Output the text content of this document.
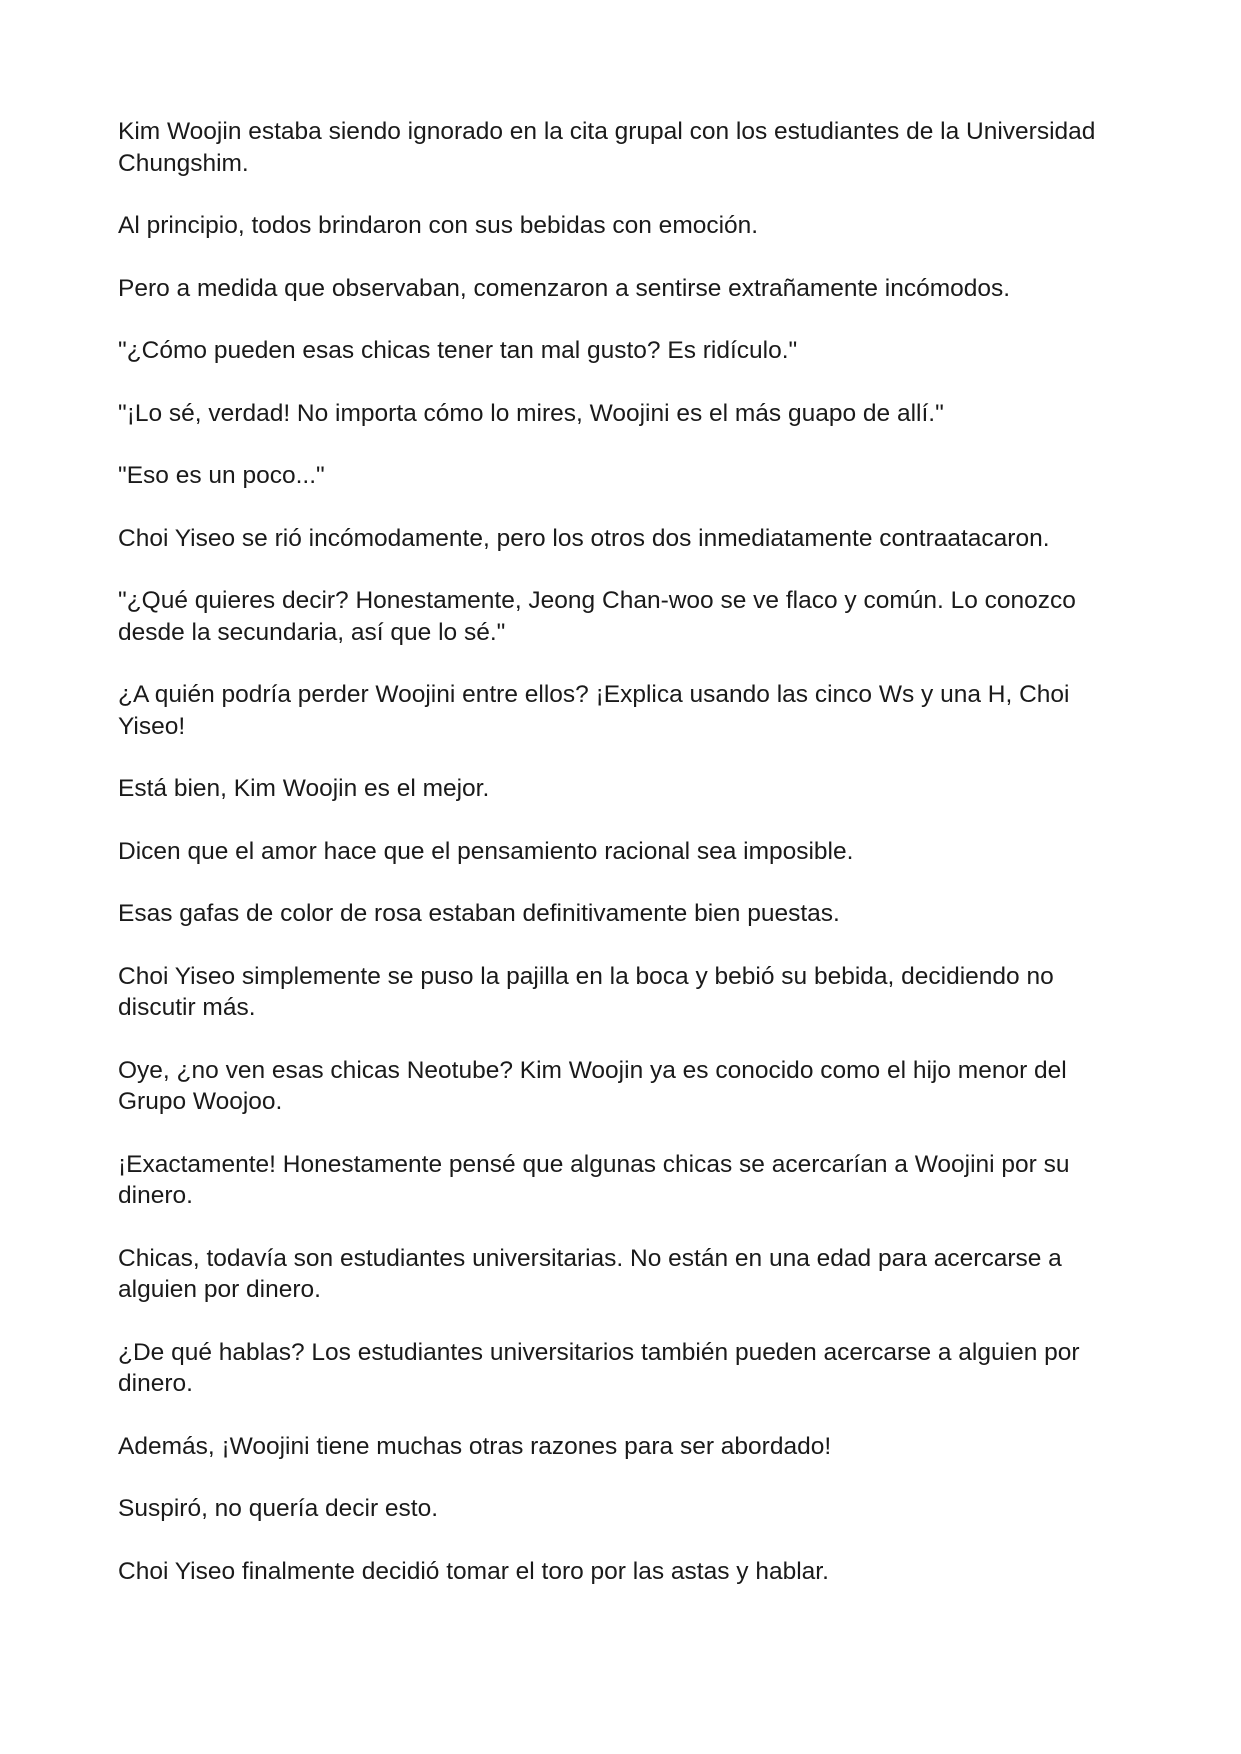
Kim Woojin estaba siendo ignorado en la cita grupal con los estudiantes de la Universidad Chungshim.

Al principio, todos brindaron con sus bebidas con emoción.

Pero a medida que observaban, comenzaron a sentirse extrañamente incómodos.

"¿Cómo pueden esas chicas tener tan mal gusto? Es ridículo."

"¡Lo sé, verdad! No importa cómo lo mires, Woojini es el más guapo de allí."

"Eso es un poco..."

Choi Yiseo se rió incómodamente, pero los otros dos inmediatamente contraatacaron.

"¿Qué quieres decir? Honestamente, Jeong Chan-woo se ve flaco y común. Lo conozco desde la secundaria, así que lo sé."

¿A quién podría perder Woojini entre ellos? ¡Explica usando las cinco Ws y una H, Choi Yiseo!

Está bien, Kim Woojin es el mejor.

Dicen que el amor hace que el pensamiento racional sea imposible.

Esas gafas de color de rosa estaban definitivamente bien puestas.

Choi Yiseo simplemente se puso la pajilla en la boca y bebió su bebida, decidiendo no discutir más.

Oye, ¿no ven esas chicas Neotube? Kim Woojin ya es conocido como el hijo menor del Grupo Woojoo.

¡Exactamente! Honestamente pensé que algunas chicas se acercarían a Woojini por su dinero.

Chicas, todavía son estudiantes universitarias. No están en una edad para acercarse a alguien por dinero.

¿De qué hablas? Los estudiantes universitarios también pueden acercarse a alguien por dinero.

Además, ¡Woojini tiene muchas otras razones para ser abordado!

Suspiró, no quería decir esto.

Choi Yiseo finalmente decidió tomar el toro por las astas y hablar.
